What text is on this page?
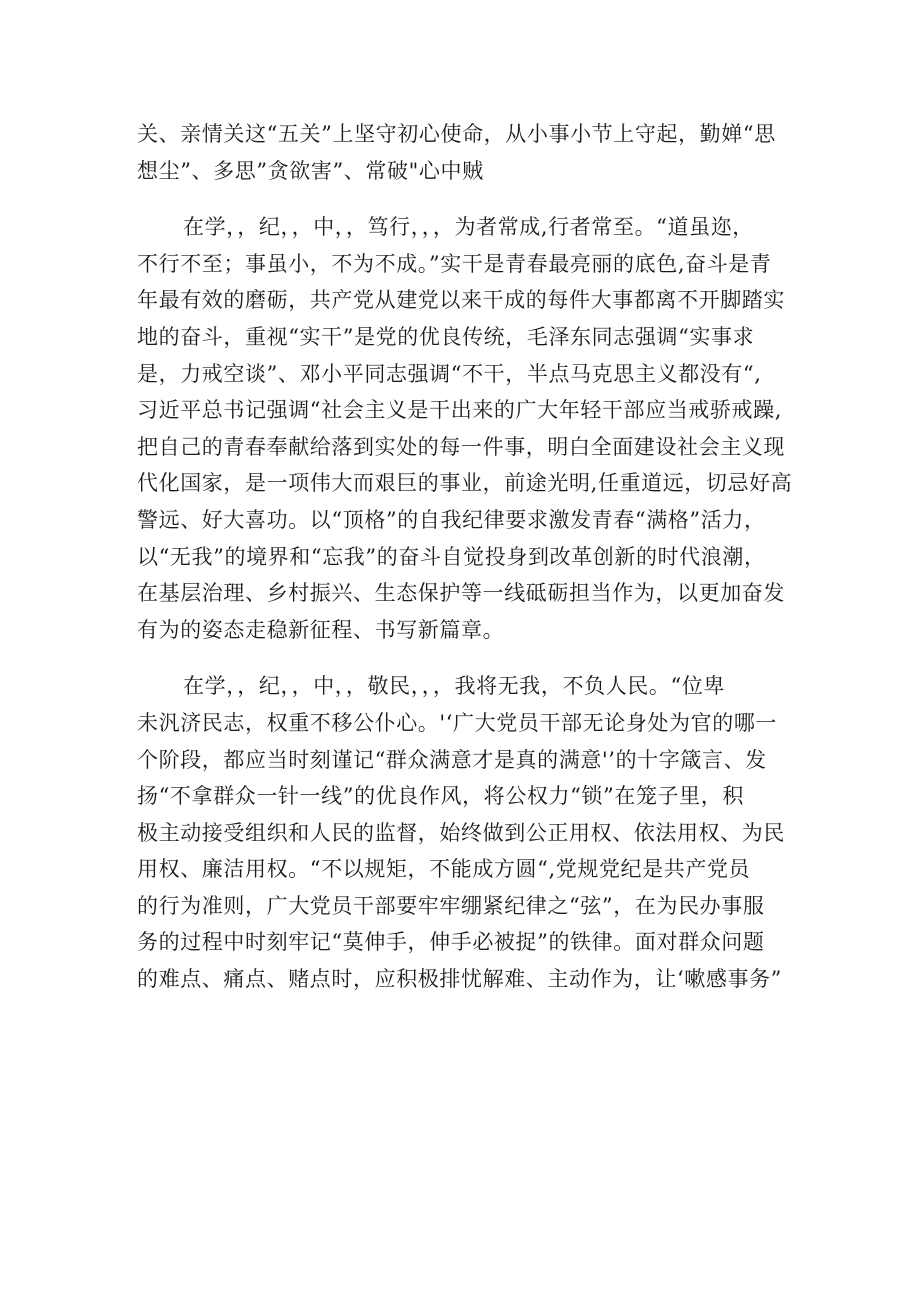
关、亲情关这“五关”上坚守初心使命，从小事小节上守起，勤婵“思
想尘”、多思”贪欲害”、常破"心中贼
在学，，纪，，中，，笃行，，，为者常成,行者常至。“道虽迩，
不行不至；事虽小，不为不成。”实干是青春最亮丽的底色,奋斗是青
年最有效的磨砺，共产党从建党以来干成的每件大事都离不开脚踏实
地的奋斗，重视“实干”是党的优良传统，毛泽东同志强调“实事求
是，力戒空谈”、邓小平同志强调“不干，半点马克思主义都没有“,
习近平总书记强调“社会主义是干出来的广大年轻干部应当戒骄戒躁,
把自己的青春奉献给落到实处的每一件事，明白全面建设社会主义现
代化国家，是一项伟大而艰巨的事业，前途光明,任重道远，切忌好高
警远、好大喜功。以“顶格”的自我纪律要求激发青春“满格”活力，
以“无我”的境界和“忘我”的奋斗自觉投身到改革创新的时代浪潮，
在基层治理、乡村振兴、生态保护等一线砥砺担当作为，以更加奋发
有为的姿态走稳新征程、书写新篇章。
在学，，纪，，中，，敬民，，，我将无我，不负人民。“位卑
未汎济民志，权重不移公仆心。'‘广大党员干部无论身处为官的哪一
个阶段，都应当时刻谨记“群众满意才是真的满意'’的十字箴言、发
扬“不拿群众一针一线”的优良作风，将公权力“锁”在笼子里，积
极主动接受组织和人民的监督，始终做到公正用权、依法用权、为民
用权、廉洁用权。“不以规矩，不能成方圆“,党规党纪是共产党员
的行为准则，广大党员干部要牢牢绷紧纪律之“弦”，在为民办事服
务的过程中时刻牢记“莫伸手，伸手必被捉”的铁律。面对群众问题
的难点、痛点、赌点时，应积极排忧解难、主动作为，让‘嗽感事务”
